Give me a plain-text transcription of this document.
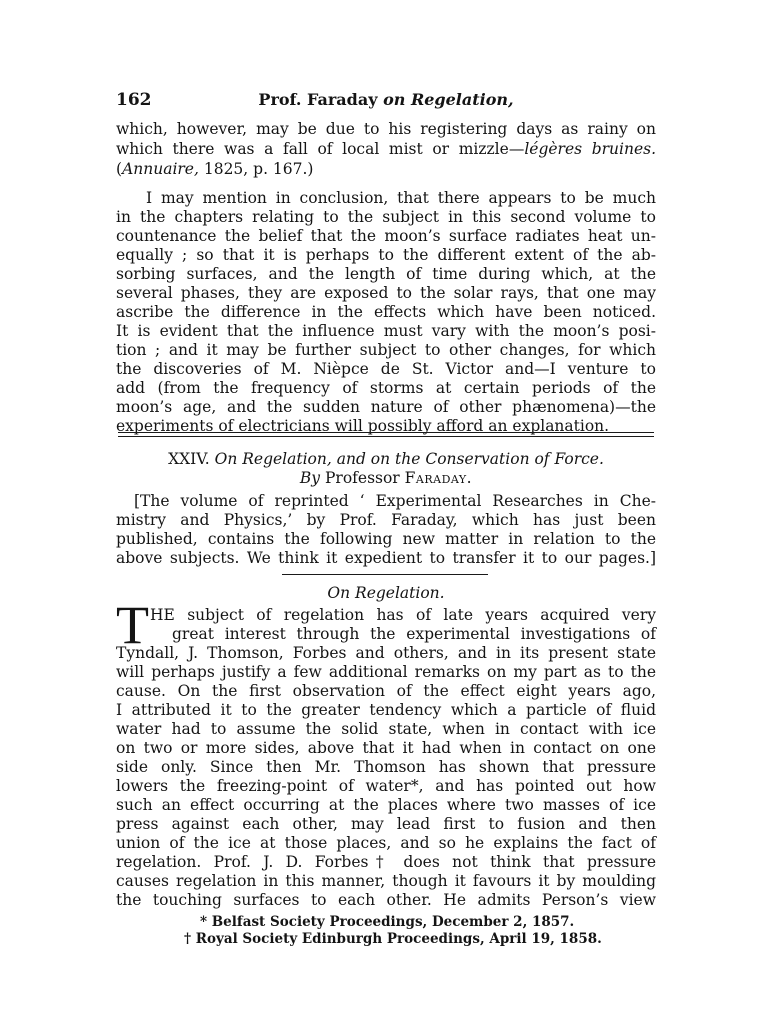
162	Prof. Faraday on Regelation,
which, however, may be due to his registering days as rainy on
which there was a fall of local mist or mizzle—légères bruines.
(Annuaire, 1825, p. 167.)
I may mention in conclusion, that there appears to be much
in the chapters relating to the subject in this second volume to
countenance the belief that the moon’s surface radiates heat un-
equally ; so that it is perhaps to the different extent of the ab-
sorbing surfaces, and the length of time during which, at the
several phases, they are exposed to the solar rays, that one may
ascribe the difference in the effects which have been noticed.
It is evident that the influence must vary with the moon’s posi-
tion ; and it may be further subject to other changes, for which
the discoveries of M. Nièpce de St. Victor and—I venture to
add (from the frequency of storms at certain periods of the
moon’s age, and the sudden nature of other phænomena)—the
experiments of electricians will possibly afford an explanation.
XXIV. On Regelation, and on the Conservation of Force.
By Professor Faraday.
[The volume of reprinted ‘ Experimental Researches in Che-
mistry and Physics,’ by Prof. Faraday, which has just been
published, contains the following new matter in relation to the
above subjects. We think it expedient to transfer it to our pages.]
On Regelation.
T HE subject of regelation has of late years acquired very
great interest through the experimental investigations of
Tyndall, J. Thomson, Forbes and others, and in its present state
will perhaps justify a few additional remarks on my part as to the
cause. On the first observation of the effect eight years ago,
I attributed it to the greater tendency which a particle of fluid
water had to assume the solid state, when in contact with ice
on two or more sides, above that it had when in contact on one
side only. Since then Mr. Thomson has shown that pressure
lowers the freezing-point of water*, and has pointed out how
such an effect occurring at the places where two masses of ice
press against each other, may lead first to fusion and then
union of the ice at those places, and so he explains the fact of
regelation. Prof. J. D. Forbes† does not think that pressure
causes regelation in this manner, though it favours it by moulding
the touching surfaces to each other. He admits Person’s view
* Belfast Society Proceedings, December 2, 1857.
† Royal Society Edinburgh Proceedings, April 19, 1858.
